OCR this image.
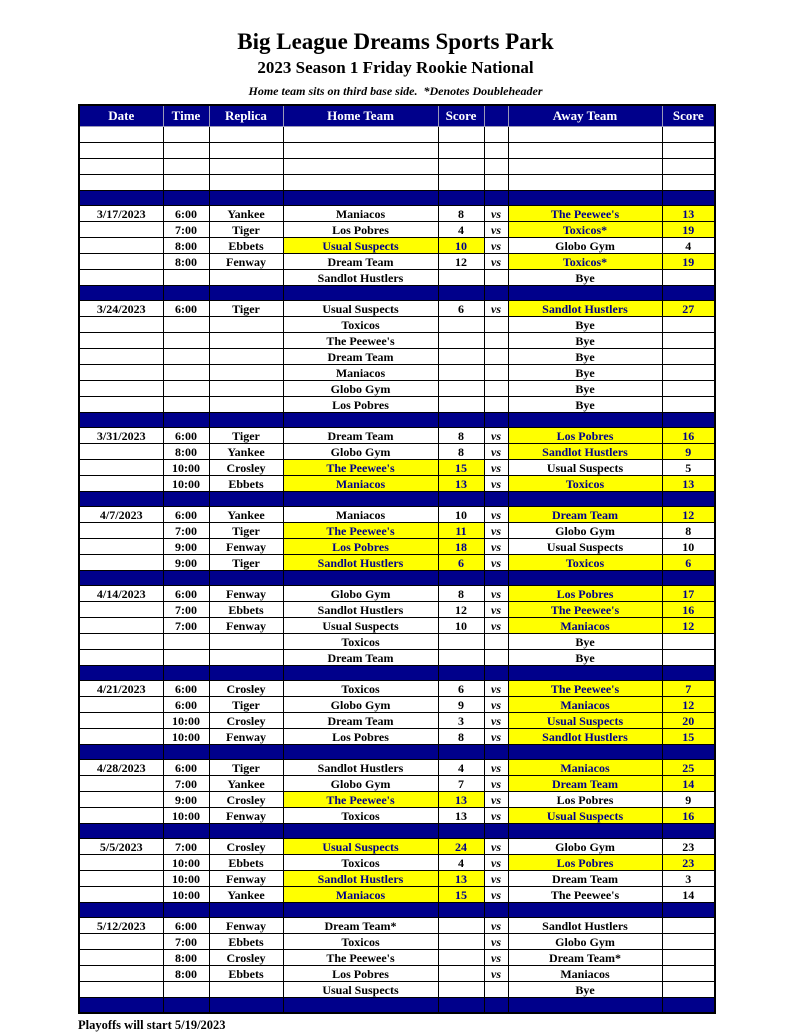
Big League Dreams Sports Park
2023 Season 1 Friday Rookie National
Home team sits on third base side.  *Denotes Doubleheader
Date	Time	Replica	Home Team	Score		Away Team	Score

3/17/2023	6:00	Yankee	Maniacos	8	vs	The Peewee's	13
	7:00	Tiger	Los Pobres	4	vs	Toxicos*	19
	8:00	Ebbets	Usual Suspects	10	vs	Globo Gym	4
	8:00	Fenway	Dream Team	12	vs	Toxicos*	19
			Sandlot Hustlers			Bye	

3/24/2023	6:00	Tiger	Usual Suspects	6	vs	Sandlot Hustlers	27
			Toxicos			Bye	
			The Peewee's			Bye	
			Dream Team			Bye	
			Maniacos			Bye	
			Globo Gym			Bye	
			Los Pobres			Bye	

3/31/2023	6:00	Tiger	Dream Team	8	vs	Los Pobres	16
	8:00	Yankee	Globo Gym	8	vs	Sandlot Hustlers	9
	10:00	Crosley	The Peewee's	15	vs	Usual Suspects	5
	10:00	Ebbets	Maniacos	13	vs	Toxicos	13

4/7/2023	6:00	Yankee	Maniacos	10	vs	Dream Team	12
	7:00	Tiger	The Peewee's	11	vs	Globo Gym	8
	9:00	Fenway	Los Pobres	18	vs	Usual Suspects	10
	9:00	Tiger	Sandlot Hustlers	6	vs	Toxicos	6

4/14/2023	6:00	Fenway	Globo Gym	8	vs	Los Pobres	17
	7:00	Ebbets	Sandlot Hustlers	12	vs	The Peewee's	16
	7:00	Fenway	Usual Suspects	10	vs	Maniacos	12
			Toxicos			Bye	
			Dream Team			Bye	

4/21/2023	6:00	Crosley	Toxicos	6	vs	The Peewee's	7
	6:00	Tiger	Globo Gym	9	vs	Maniacos	12
	10:00	Crosley	Dream Team	3	vs	Usual Suspects	20
	10:00	Fenway	Los Pobres	8	vs	Sandlot Hustlers	15

4/28/2023	6:00	Tiger	Sandlot Hustlers	4	vs	Maniacos	25
	7:00	Yankee	Globo Gym	7	vs	Dream Team	14
	9:00	Crosley	The Peewee's	13	vs	Los Pobres	9
	10:00	Fenway	Toxicos	13	vs	Usual Suspects	16

5/5/2023	7:00	Crosley	Usual Suspects	24	vs	Globo Gym	23
	10:00	Ebbets	Toxicos	4	vs	Los Pobres	23
	10:00	Fenway	Sandlot Hustlers	13	vs	Dream Team	3
	10:00	Yankee	Maniacos	15	vs	The Peewee's	14

5/12/2023	6:00	Fenway	Dream Team*		vs	Sandlot Hustlers	
	7:00	Ebbets	Toxicos		vs	Globo Gym	
	8:00	Crosley	The Peewee's		vs	Dream Team*	
	8:00	Ebbets	Los Pobres		vs	Maniacos	
			Usual Suspects			Bye	

Playoffs will start 5/19/2023
